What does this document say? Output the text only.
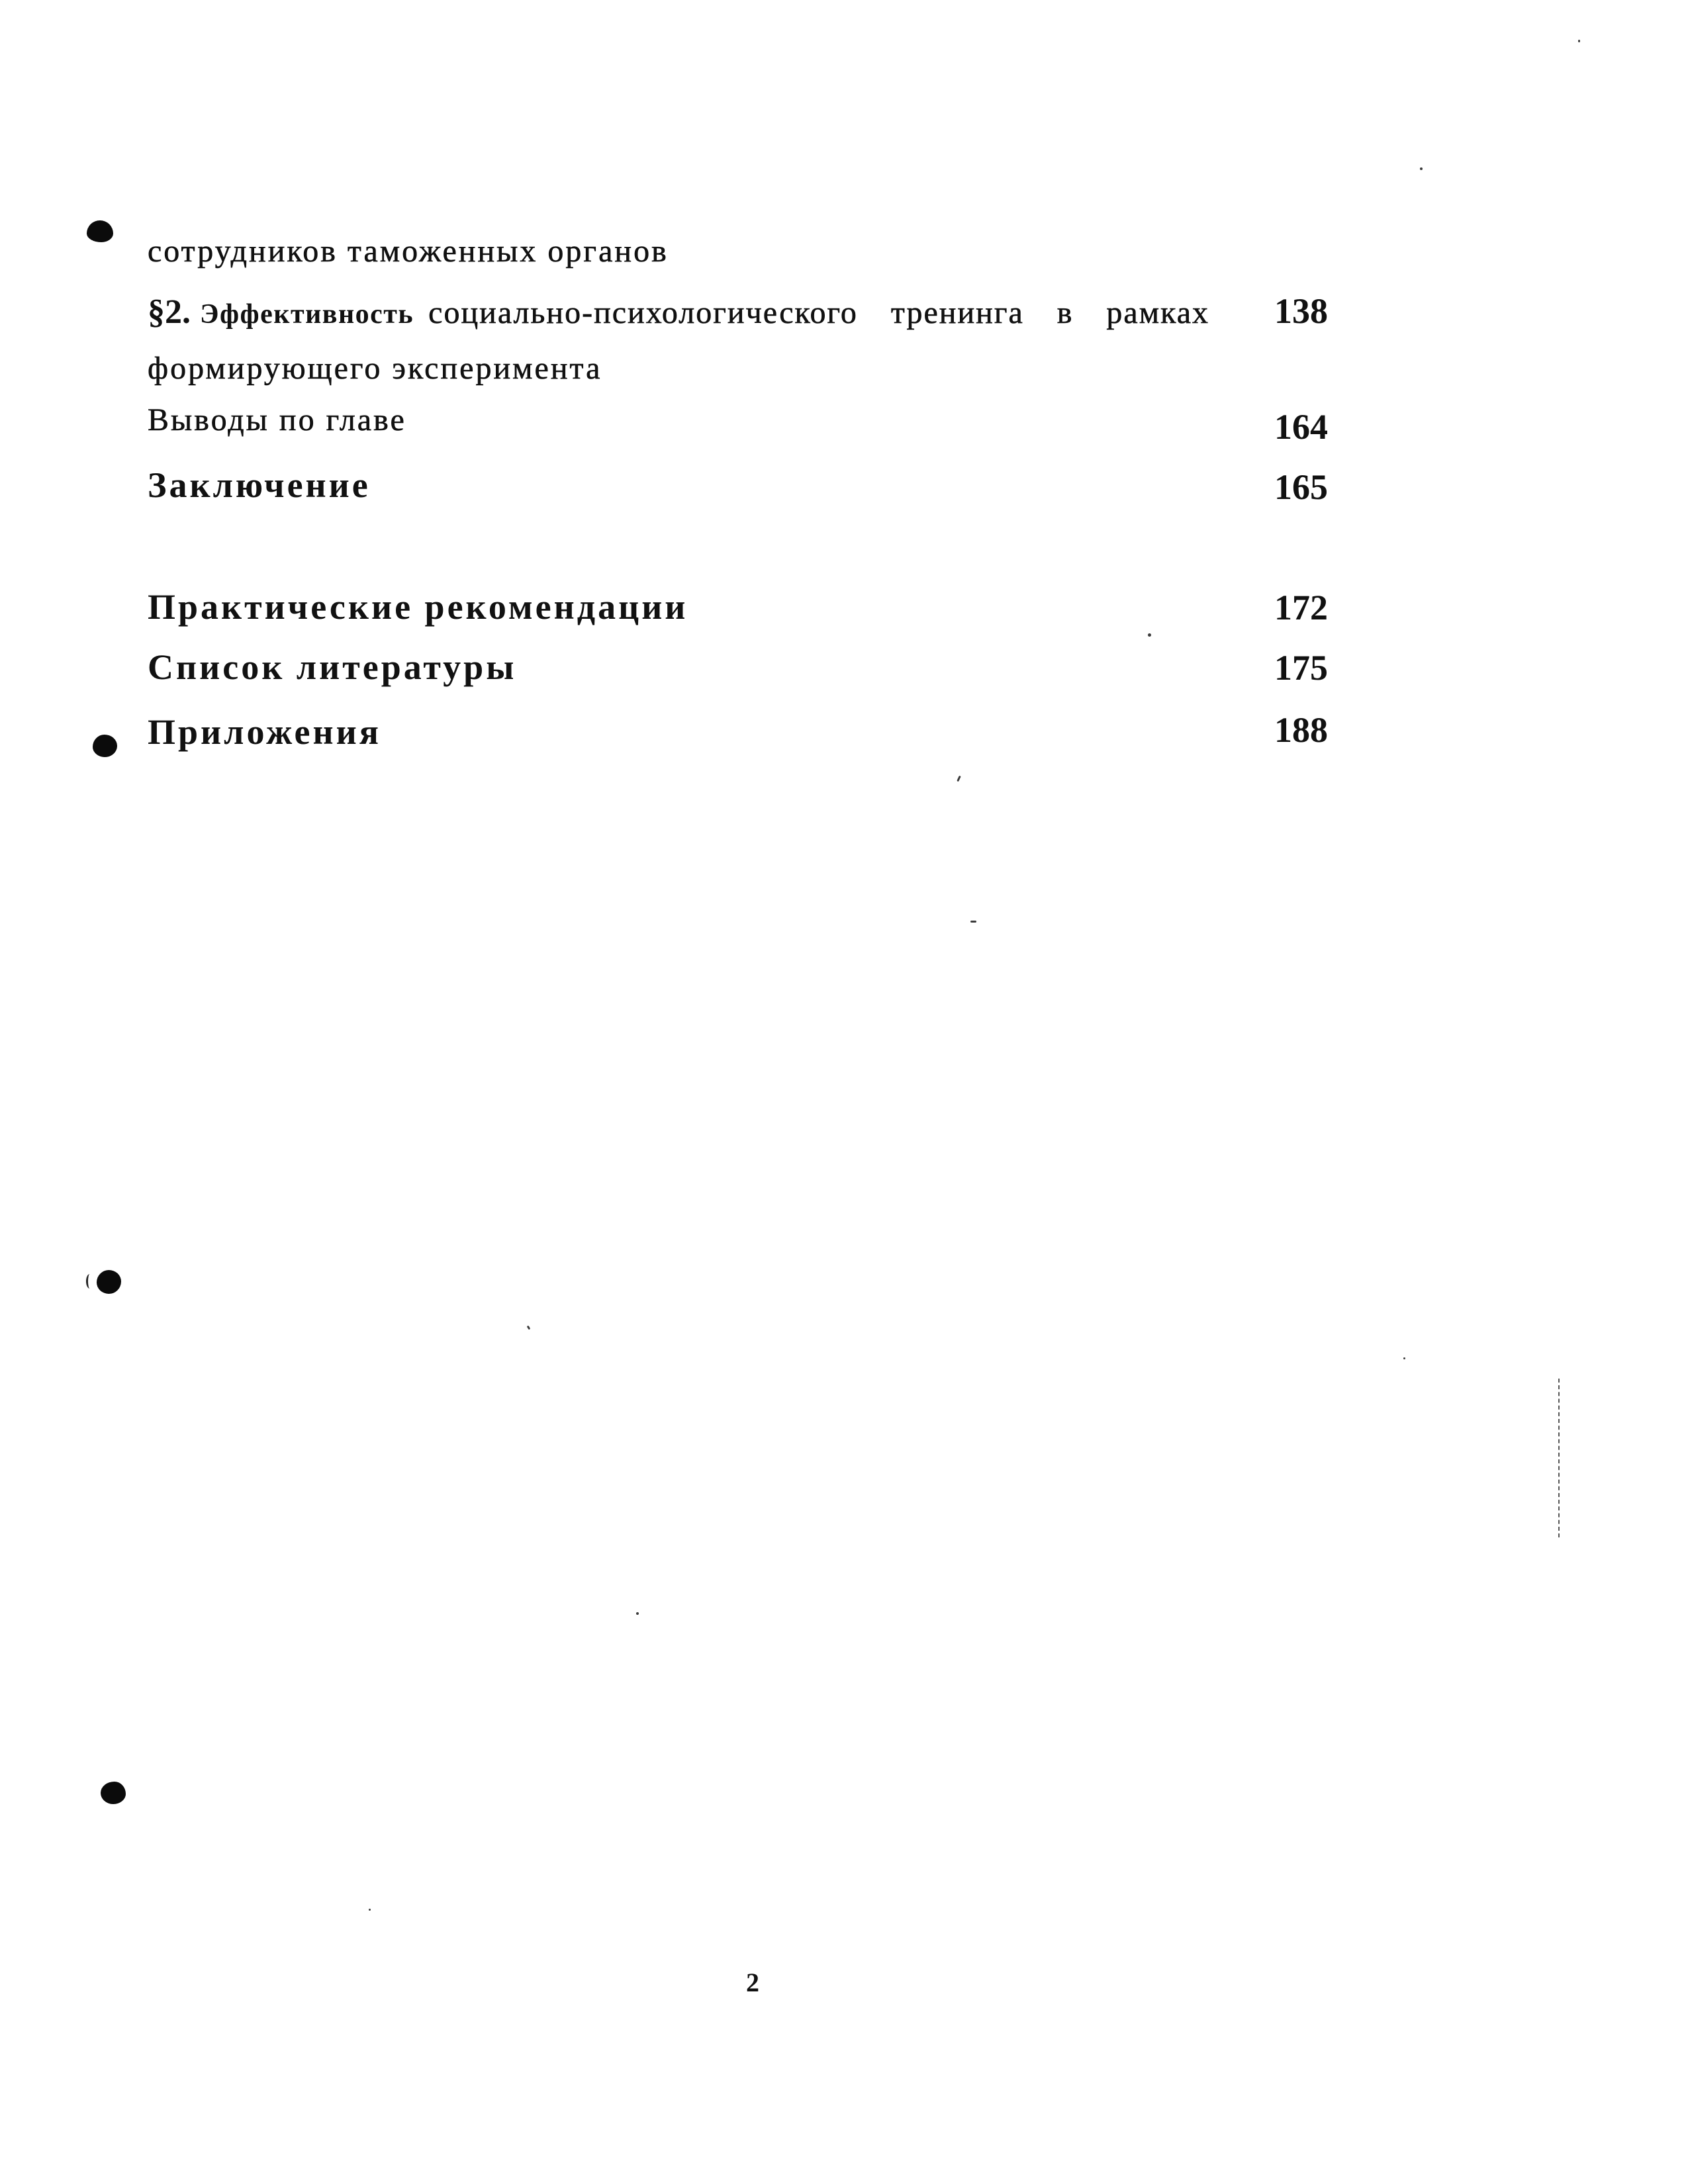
сотрудников таможенных органов
§2. Эффективность социально-психологического тренинга в рамках 138
формирующего эксперимента
Выводы по главе	164
Заключение	165
Практические рекомендации	172
Список литературы	175
Приложения	188
2
